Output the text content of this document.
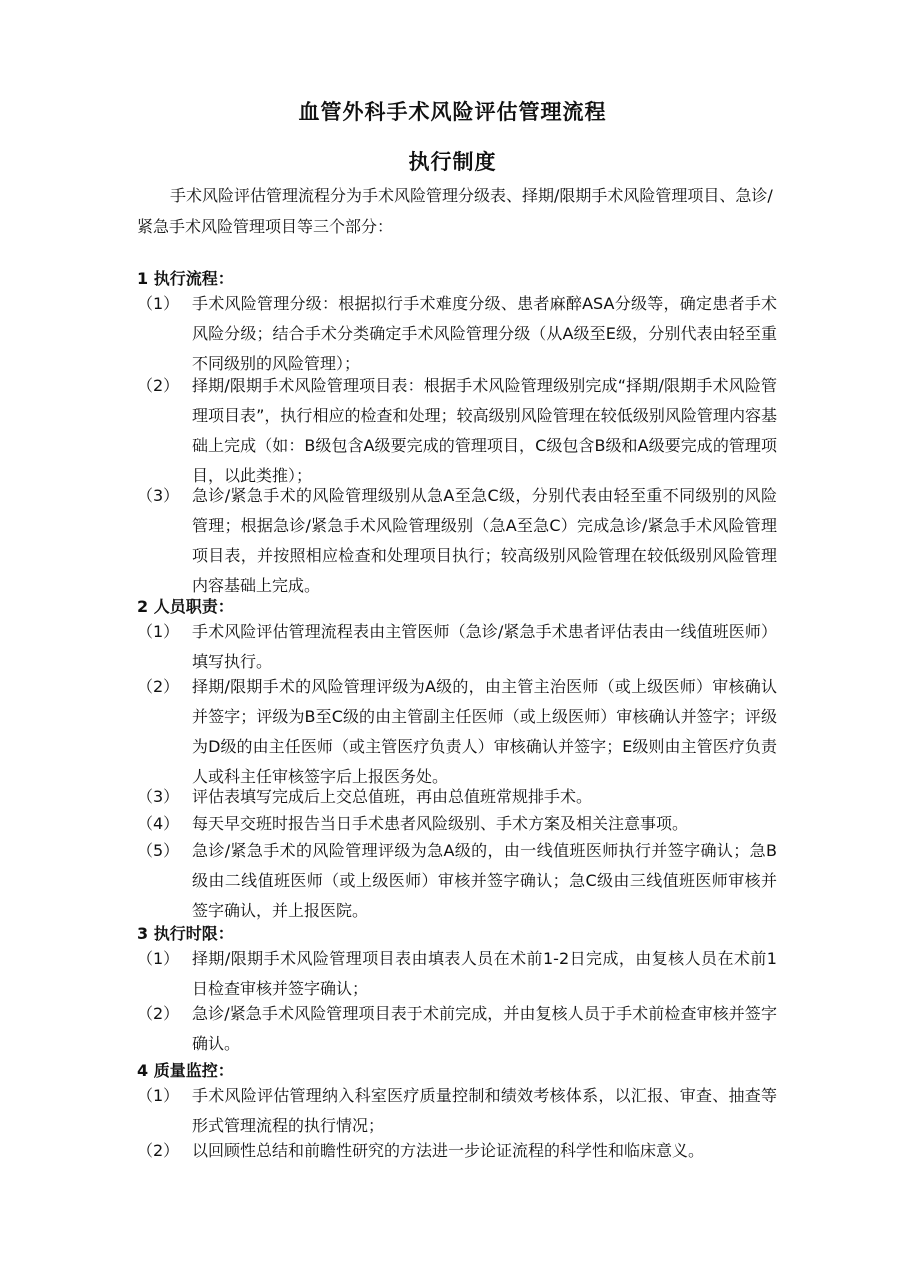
血管外科手术风险评估管理流程
执行制度
手术风险评估管理流程分为手术风险管理分级表、择期/限期手术风险管理项目、急诊/紧急手术风险管理项目等三个部分：
1 执行流程：
（1） 手术风险管理分级：根据拟行手术难度分级、患者麻醉ASA分级等，确定患者手术风险分级；结合手术分类确定手术风险管理分级（从A级至E级，分别代表由轻至重不同级别的风险管理）；
（2） 择期/限期手术风险管理项目表：根据手术风险管理级别完成“择期/限期手术风险管理项目表”，执行相应的检查和处理；较高级别风险管理在较低级别风险管理内容基础上完成（如：B级包含A级要完成的管理项目，C级包含B级和A级要完成的管理项目，以此类推）；
（3） 急诊/紧急手术的风险管理级别从急A至急C级，分别代表由轻至重不同级别的风险管理；根据急诊/紧急手术风险管理级别（急A至急C）完成急诊/紧急手术风险管理项目表，并按照相应检查和处理项目执行；较高级别风险管理在较低级别风险管理内容基础上完成。
2 人员职责：
（1） 手术风险评估管理流程表由主管医师（急诊/紧急手术患者评估表由一线值班医师）填写执行。
（2） 择期/限期手术的风险管理评级为A级的，由主管主治医师（或上级医师）审核确认并签字；评级为B至C级的由主管副主任医师（或上级医师）审核确认并签字；评级为D级的由主任医师（或主管医疗负责人）审核确认并签字；E级则由主管医疗负责人或科主任审核签字后上报医务处。
（3） 评估表填写完成后上交总值班，再由总值班常规排手术。
（4） 每天早交班时报告当日手术患者风险级别、手术方案及相关注意事项。
（5） 急诊/紧急手术的风险管理评级为急A级的，由一线值班医师执行并签字确认；急B级由二线值班医师（或上级医师）审核并签字确认；急C级由三线值班医师审核并签字确认，并上报医院。
3 执行时限：
（1） 择期/限期手术风险管理项目表由填表人员在术前1-2日完成，由复核人员在术前1日检查审核并签字确认；
（2） 急诊/紧急手术风险管理项目表于术前完成，并由复核人员于手术前检查审核并签字确认。
4 质量监控：
（1） 手术风险评估管理纳入科室医疗质量控制和绩效考核体系，以汇报、审查、抽查等形式管理流程的执行情况；
（2） 以回顾性总结和前瞻性研究的方法进一步论证流程的科学性和临床意义。
